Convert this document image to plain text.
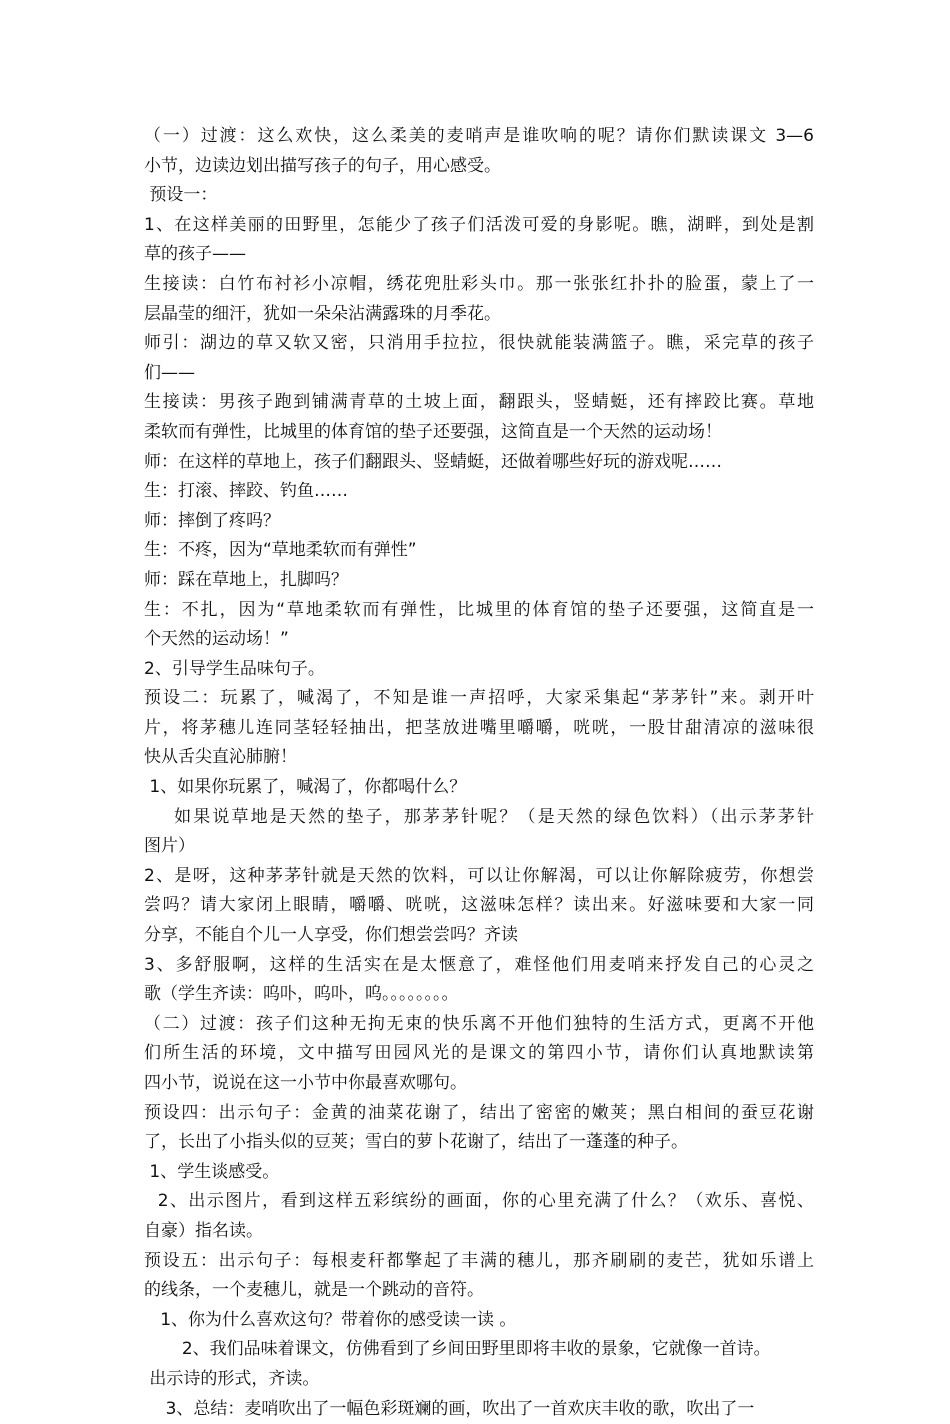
（一）过渡：这么欢快，这么柔美的麦哨声是谁吹响的呢？请你们默读课文 3—6
小节，边读边划出描写孩子的句子，用心感受。
预设一：
1、在这样美丽的田野里，怎能少了孩子们活泼可爱的身影呢。瞧，湖畔，到处是割
草的孩子——
生接读：白竹布衬衫小凉帽，绣花兜肚彩头巾。那一张张红扑扑的脸蛋，蒙上了一
层晶莹的细汗，犹如一朵朵沾满露珠的月季花。
师引：湖边的草又软又密，只消用手拉拉，很快就能装满篮子。瞧，采完草的孩子
们——
生接读：男孩子跑到铺满青草的土坡上面，翻跟头，竖蜻蜓，还有摔跤比赛。草地
柔软而有弹性，比城里的体育馆的垫子还要强，这简直是一个天然的运动场！
师：在这样的草地上，孩子们翻跟头、竖蜻蜓，还做着哪些好玩的游戏呢……
生：打滚、摔跤、钓鱼……
师：摔倒了疼吗？
生：不疼，因为“草地柔软而有弹性”
师：踩在草地上，扎脚吗？
生：不扎，因为“草地柔软而有弹性，比城里的体育馆的垫子还要强，这简直是一
个天然的运动场！”
2、引导学生品味句子。
预设二：玩累了，喊渴了，不知是谁一声招呼，大家采集起“茅茅针”来。剥开叶
片，将茅穗儿连同茎轻轻抽出，把茎放进嘴里嚼嚼，咣咣，一股甘甜清凉的滋味很
快从舌尖直沁肺腑！
1、如果你玩累了，喊渴了，你都喝什么？
如果说草地是天然的垫子，那茅茅针呢？（是天然的绿色饮料）（出示茅茅针
图片）
2、是呀，这种茅茅针就是天然的饮料，可以让你解渴，可以让你解除疲劳，你想尝
尝吗？请大家闭上眼睛，嚼嚼、咣咣，这滋味怎样？读出来。好滋味要和大家一同
分享，不能自个儿一人享受，你们想尝尝吗？齐读
3、多舒服啊，这样的生活实在是太惬意了，难怪他们用麦哨来抒发自己的心灵之
歌（学生齐读：呜卟，呜卟，呜。。。。。。。。
（二）过渡：孩子们这种无拘无束的快乐离不开他们独特的生活方式，更离不开他
们所生活的环境，文中描写田园风光的是课文的第四小节，请你们认真地默读第
四小节，说说在这一小节中你最喜欢哪句。
预设四：出示句子：金黄的油菜花谢了，结出了密密的嫩荚；黑白相间的蚕豆花谢
了，长出了小指头似的豆荚；雪白的萝卜花谢了，结出了一蓬蓬的种子。
1、学生谈感受。
2、出示图片，看到这样五彩缤纷的画面，你的心里充满了什么？（欢乐、喜悦、
自豪）指名读。
预设五：出示句子：每根麦秆都擎起了丰满的穗儿，那齐刷刷的麦芒，犹如乐谱上
的线条，一个麦穗儿，就是一个跳动的音符。
1、你为什么喜欢这句？带着你的感受读一读 。
2、我们品味着课文，仿佛看到了乡间田野里即将丰收的景象，它就像一首诗。
出示诗的形式，齐读。
3、总结：麦哨吹出了一幅色彩斑斓的画，吹出了一首欢庆丰收的歌，吹出了一
